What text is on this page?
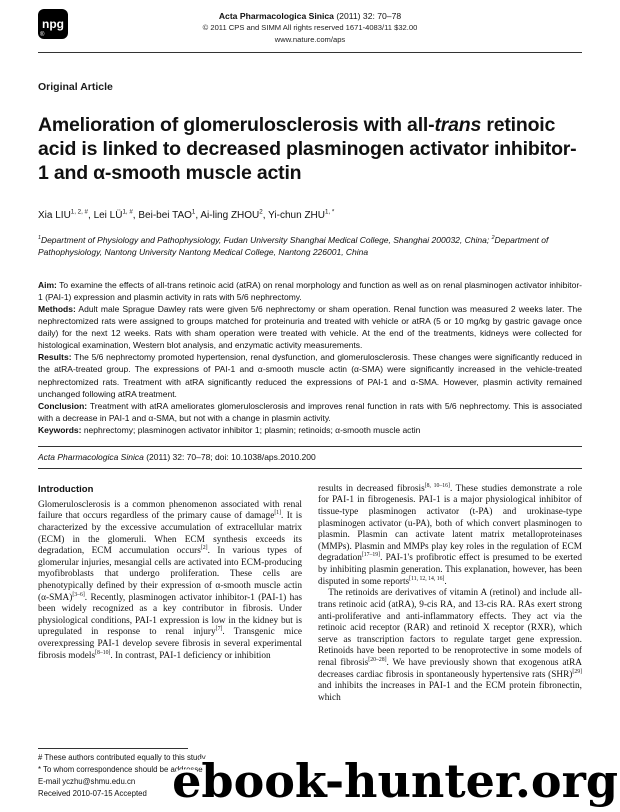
npg
®
Acta Pharmacologica Sinica (2011) 32: 70–78
© 2011 CPS and SIMM All rights reserved 1671-4083/11 $32.00
www.nature.com/aps
Original Article
Amelioration of glomerulosclerosis with all-trans retinoic acid is linked to decreased plasminogen activator inhibitor-1 and α-smooth muscle actin
Xia $LIU^{1, 2, \#}$, Lei $LÜ^{1, \#}$, Bei-bei TAO$^1$, Ai-ling ZHOU$^2$, Yi-chun $ZHU^{1, *}$

$^1$Department of Physiology and Pathophysiology, Fudan University Shanghai Medical College, Shanghai 200032, China; $^2$Department of Pathophysiology, Nantong University Nantong Medical College, Nantong 226001, China

Aim: To examine the effects of all-trans retinoic acid (atRA) on renal morphology and function as well as on renal plasminogen activator inhibitor-1 (PAI-1) expression and plasmin activity in rats with 5/6 nephrectomy.

Methods: Adult male Sprague Dawley rats were given 5/6 nephrectomy or sham operation. Renal function was measured 2 weeks later. The nephrectomized rats were assigned to groups matched for proteinuria and treated with vehicle or atRA (5 or 10 mg/kg by gastric gavage once daily) for the next 12 weeks. Rats with sham operation were treated with vehicle. At the end of the treatments, kidneys were collected for histological examination, Western blot analysis, and enzymatic activity measurements.

Results: The 5/6 nephrectomy promoted hypertension, renal dysfunction, and glomerulosclerosis. These changes were significantly reduced in the atRA-treated group. The expressions of PAI-1 and α-smooth muscle actin (α-SMA) were significantly increased in the vehicle-treated nephrectomized rats. Treatment with atRA significantly reduced the expressions of PAI-1 and α-SMA. However, plasmin activity remained unchanged following atRA treatment.

Conclusion: Treatment with atRA ameliorates glomerulosclerosis and improves renal function in rats with 5/6 nephrectomy. This is associated with a decrease in PAI-1 and α-SMA, but not with a change in plasmin activity.

Keywords: nephrectomy; plasminogen activator inhibitor 1; plasmin; retinoids; α-smooth muscle actin

Acta Pharmacologica Sinica (2011) 32: 70–78; doi: 10.1038/aps.2010.200
Introduction

Glomerulosclerosis is a common phenomenon associated with renal failure that occurs regardless of the primary cause of damage[1]. It is characterized by the excessive accumulation of extracellular matrix (ECM) in the glomeruli. When ECM synthesis exceeds its degradation, ECM accumulation occurs[2]. In various types of glomerular injuries, mesangial cells are activated into ECM-producing myofibroblasts that undergo proliferation. These cells are phenotypically defined by their expression of α-smooth muscle actin (α-SMA)[3–6]. Recently, plasminogen activator inhibitor-1 (PAI-1) has been widely recognized as a key contributor in fibrosis. Under physiological conditions, PAI-1 expression is low in the kidney but is upregulated in response to renal injury[7]. Transgenic mice overexpressing PAI-1 develop severe fibrosis in several experimental fibrosis models[8–10]. In contrast, PAI-1 deficiency or inhibition

results in decreased fibrosis[8, 10–16]. These studies demonstrate a role for PAI-1 in fibrogenesis. PAI-1 is a major physiological inhibitor of tissue-type plasminogen activator (t-PA) and urokinase-type plasminogen activator (u-PA), both of which convert plasminogen to plasmin. Plasmin can activate latent matrix metalloproteinases (MMPs). Plasmin and MMPs play key roles in the regulation of ECM degradation[17–19]. PAI-1's profibrotic effect is presumed to be exerted by inhibiting plasmin generation. This explanation, however, has been disputed in some reports[11, 12, 14, 16].

The retinoids are derivatives of vitamin A (retinol) and include all-trans retinoic acid (atRA), 9-cis RA, and 13-cis RA. RAs exert strong anti-proliferative and anti-inflammatory effects. They act via the retinoic acid receptor (RAR) and retinoid X receptor (RXR), which serve as transcription factors to regulate target gene expression. Retinoids have been reported to be renoprotective in some models of renal fibrosis[20–28]. We have previously shown that exogenous atRA decreases cardiac fibrosis in spontaneously hypertensive rats (SHR)[29] and inhibits the increases in PAI-1 and the ECM protein fibronectin, which

# These authors contributed equally to this study.
* To whom correspondence should be addressed.
E-mail yczhu@shmu.edu.cn
Received 2010-07-15 Accepted ebook-hunter.org
